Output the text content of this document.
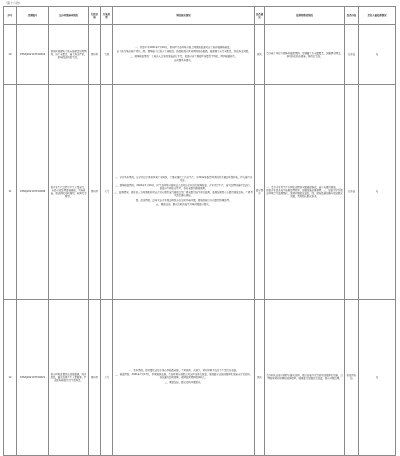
（第十六批）
序号	受理编号	交办问题基本情况	行政区域	污染类型	调查核实情况	是否属实	处理和整改情况	是否办结	责任人被处理情况
10	X3SXJ202107150016	黄州区某建筑工地未按规定设置围挡，渣土未覆盖，施工扬尘严重，影响周边居民生活。	黄州区	土壤	一、所涉产业2021年7月16日，黄州区生态环境分局会同属地街道对该工地开展现场核查。

该工地为某房地产项目二期，现场施工已进入主体阶段，核查时部分区域围挡存在破损，局部裸土未完全覆盖，存在扬尘问题。

二、现场核查情况：工地出入口冲洗设施运行正常，但部分渣土堆放区域覆盖不到位，围挡局部缺失。

该问题基本属实。	属实	责令施工单位立即修复破损围挡，对裸露土方全面覆盖，加强洒水降尘，落实扬尘防治措施，整改已完成。	已办结	无
11	X3SXJ202107150008	某企业生产过程中产生大量废气，未经有效处理直接排放，气味刺鼻，周边居民反映强烈，晚间尤为明显。	黄州区	大气	一、企业基本情况。该企业位于黄州区某工业园区，主要从事化工产品生产，于2012年取得环评批复并通过环保验收，持有排污许可证。

二、现场核查情况。2021年7月16日，区生态环境分局执法人员对该企业进行现场检查，企业正常生产，废气处理设施正常运行，但部分车间密闭不严，存在无组织排放现象。

三、监测情况。委托第三方检测机构对该企业有组织废气排放口及厂界无组织废气进行监测，监测结果显示有组织排放达标，厂界臭气浓度偶有超标。

四、信访情况。近年来该企业周边居民多次反映异味问题，属地政府已多次组织协调处理。

五、调查结论。群众反映的废气异味问题部分属实。	部分属实	一、责令企业对生产车间密闭情况全面排查整改，减少无组织排放。二、督促企业提升废气收集处理效率，加强设施运维管理。三、加密对企业周边环境空气监测频次，发现问题依法查处。四、属地街道加强与周边群众沟通，及时回应群众诉求。	已办结	无
12	X3SXJ202107150021	某小区附近餐饮店油烟直排，噪音扰民，露天烧烤产生大量烟雾，严重影响居民正常生活休息。	黄州区	大气	一、基本情况。涉及餐饮店位于某小区临街商铺，主营烧烤、火锅等，营业时间为每日下午至次日凌晨。

二、核查情况。2021年7月17日，区城管执法局、生态环境分局联合对该区域进行检查，发现部分店铺油烟净化设施未正常使用，存在露天烧烤现象，夜间经营期间噪声较大。

三、调查结论。群众反映问题属实。	属实	责令相关店铺立即停止露天烧烤，规范安装并正常使用油烟净化设施，合理控制营业时间和经营噪声。城管部门加强日常巡查，防止问题反弹。	阶段性办结	无
